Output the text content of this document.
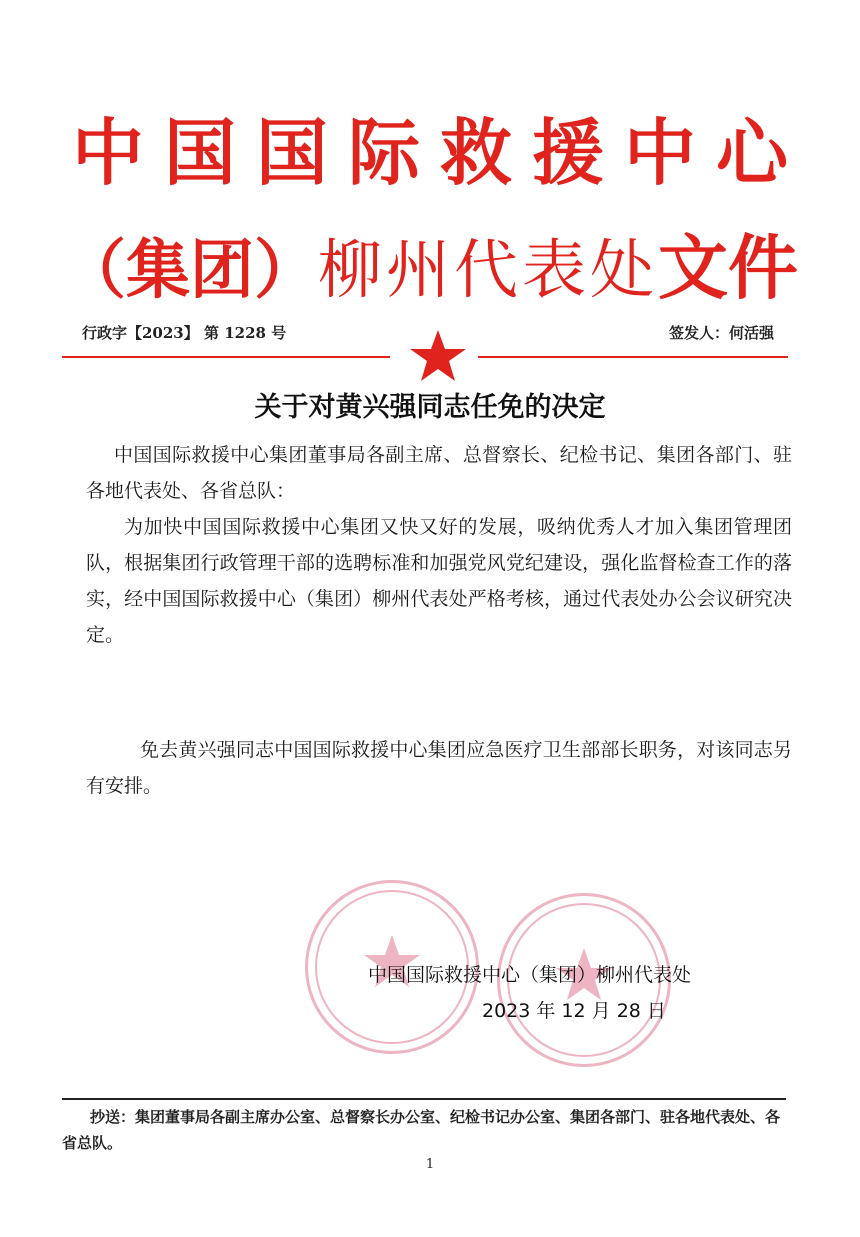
中国国际救援中心
（集团）柳州代表处文件
行政字【2023】 第 1228 号	签发人：何活强
关于对黄兴强同志任免的决定
中国国际救援中心集团董事局各副主席、总督察长、纪检书记、集团各部门、驻各地代表处、各省总队：
为加快中国国际救援中心集团又快又好的发展，吸纳优秀人才加入集团管理团队，根据集团行政管理干部的选聘标准和加强党风党纪建设，强化监督检查工作的落实，经中国国际救援中心（集团）柳州代表处严格考核，通过代表处办公会议研究决定。
免去黄兴强同志中国国际救援中心集团应急医疗卫生部部长职务，对该同志另有安排。
中国国际救援中心（集团）柳州代表处
2023 年 12 月 28 日
抄送：集团董事局各副主席办公室、总督察长办公室、纪检书记办公室、集团各部门、驻各地代表处、各省总队。
1
